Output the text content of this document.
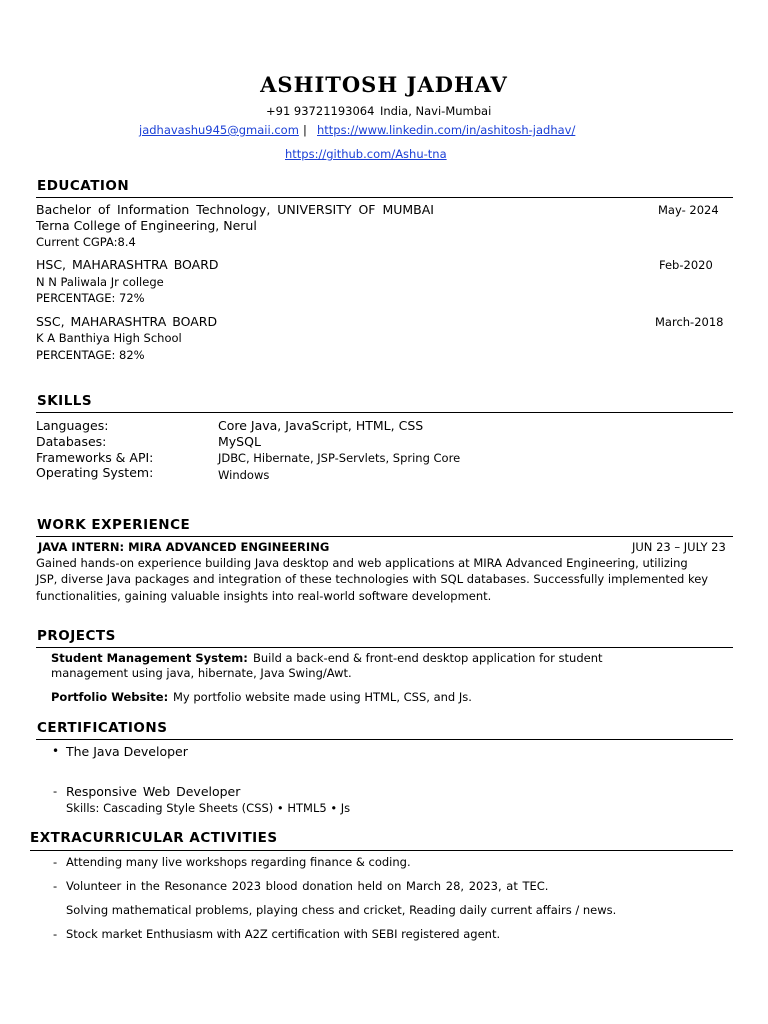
ASHITOSH JADHAV
+91 93721193064 India, Navi-Mumbai
jadhavashu945@gmaii.com | https://www.linkedin.com/in/ashitosh-jadhav/
https://github.com/Ashu-tna
EDUCATION
Bachelor of Information Technology, UNIVERSITY OF MUMBAI	May- 2024
Terna College of Engineering, Nerul
Current CGPA:8.4
HSC, MAHARASHTRA BOARD	Feb-2020
N N Paliwala Jr college
PERCENTAGE: 72%
SSC, MAHARASHTRA BOARD	March-2018
K A Banthiya High School
PERCENTAGE: 82%
SKILLS
Languages:	Core Java, JavaScript, HTML, CSS
Databases:	MySQL
Frameworks & API:	JDBC, Hibernate, JSP-Servlets, Spring Core
Operating System:	Windows
WORK EXPERIENCE
JAVA INTERN: MIRA ADVANCED ENGINEERING	JUN 23 – JULY 23
Gained hands-on experience building Java desktop and web applications at MIRA Advanced Engineering, utilizing
JSP, diverse Java packages and integration of these technologies with SQL databases. Successfully implemented key
functionalities, gaining valuable insights into real-world software development.
PROJECTS
Student Management System: Build a back-end & front-end desktop application for student
management using java, hibernate, Java Swing/Awt.
Portfolio Website: My portfolio website made using HTML, CSS, and Js.
CERTIFICATIONS
• The Java Developer
- Responsive Web Developer
Skills: Cascading Style Sheets (CSS) • HTML5 • Js
EXTRACURRICULAR ACTIVITIES
- Attending many live workshops regarding finance & coding.
- Volunteer in the Resonance 2023 blood donation held on March 28, 2023, at TEC.
Solving mathematical problems, playing chess and cricket, Reading daily current affairs / news.
- Stock market Enthusiasm with A2Z certification with SEBI registered agent.
